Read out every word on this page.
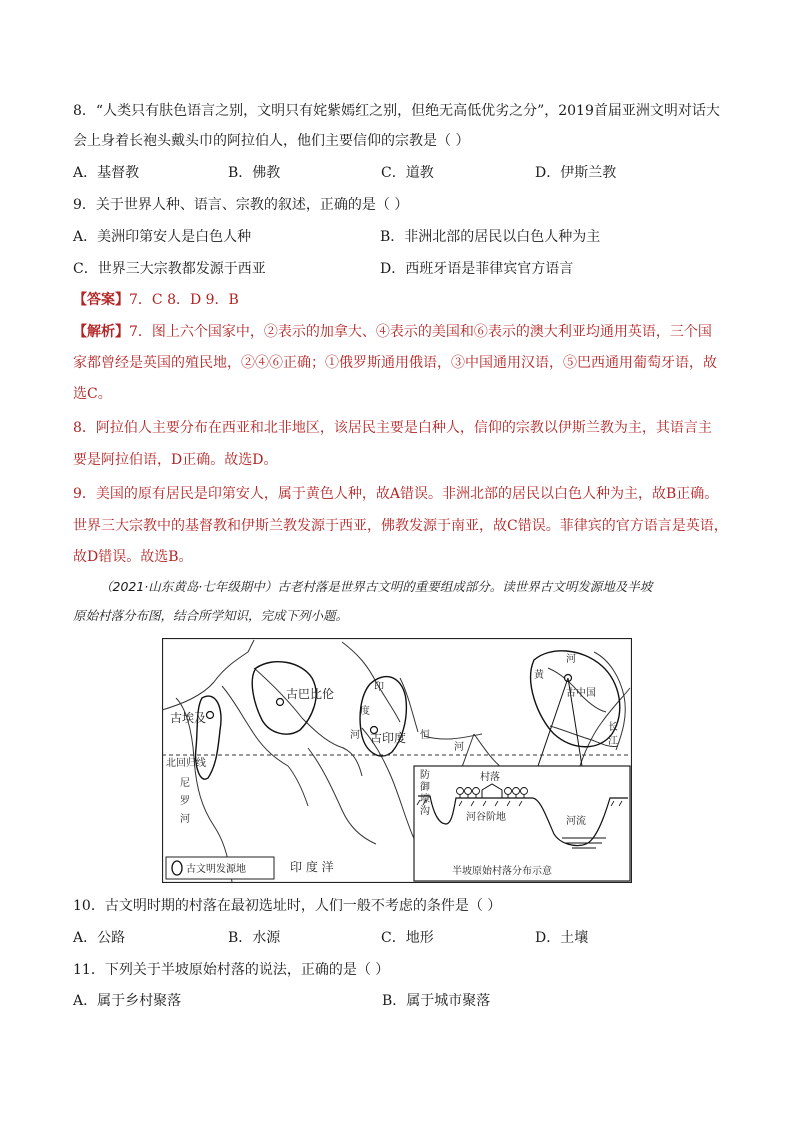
8．“人类只有肤色语言之别，文明只有姹紫嫣红之别，但绝无高低优劣之分”，2019首届亚洲文明对话大
会上身着长袍头戴头巾的阿拉伯人，他们主要信仰的宗教是（ ）
A．基督教	B．佛教	C．道教	D．伊斯兰教
9．关于世界人种、语言、宗教的叙述，正确的是（ ）
A．美洲印第安人是白色人种	B．非洲北部的居民以白色人种为主
C．世界三大宗教都发源于西亚	D．西班牙语是菲律宾官方语言
【答案】7．C 8．D 9．B
【解析】7．图上六个国家中，②表示的加拿大、④表示的美国和⑥表示的澳大利亚均通用英语，三个国
家都曾经是英国的殖民地，②④⑥正确；①俄罗斯通用俄语，③中国通用汉语，⑤巴西通用葡萄牙语，故
选C。
8．阿拉伯人主要分布在西亚和北非地区，该居民主要是白种人，信仰的宗教以伊斯兰教为主，其语言主
要是阿拉伯语，D正确。故选D。
9．美国的原有居民是印第安人，属于黄色人种，故A错误。非洲北部的居民以白色人种为主，故B正确。
世界三大宗教中的基督教和伊斯兰教发源于西亚，佛教发源于南亚，故C错误。菲律宾的官方语言是英语，
故D错误。故选B。
（2021·山东黄岛·七年级期中）古老村落是世界古文明的重要组成部分。读世界古文明发源地及半坡
原始村落分布图，结合所学知识，完成下列小题。
古埃及
古巴比伦
古印度
北回归线
尼
罗
河
印
度
河	恒
河
黄
河
古中国
长
江
印 度 洋
古文明发源地
防
御
壕
沟
村落
河谷阶地	河流
半坡原始村落分布示意
10．古文明时期的村落在最初选址时，人们一般不考虑的条件是（ ）
A．公路	B．水源	C．地形	D．土壤
11．下列关于半坡原始村落的说法，正确的是（ ）
A．属于乡村聚落	B．属于城市聚落
